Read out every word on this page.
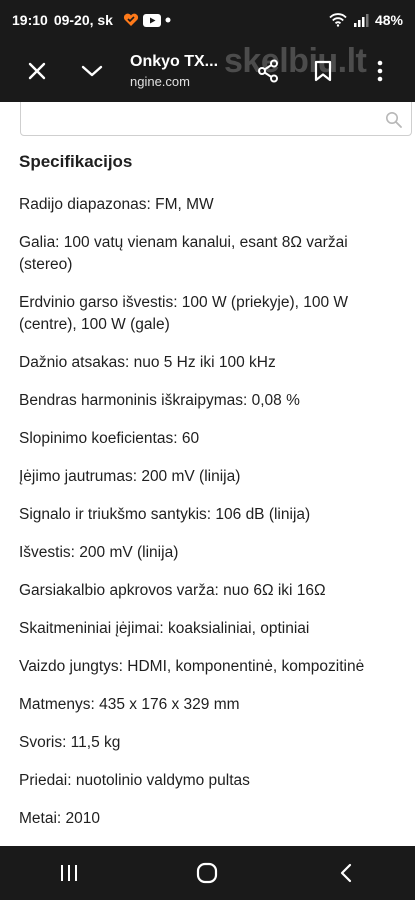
19:10 09-20, sk	48%
Onkyo TX...
ngine.com
skelbiu.lt
Specifikacijos
Radijo diapazonas: FM, MW
Galia: 100 vatų vienam kanalui, esant 8Ω varžai (stereo)
Erdvinio garso išvestis: 100 W (priekyje), 100 W (centre), 100 W (gale)
Dažnio atsakas: nuo 5 Hz iki 100 kHz
Bendras harmoninis iškraipymas: 0,08 %
Slopinimo koeficientas: 60
Įėjimo jautrumas: 200 mV (linija)
Signalo ir triukšmo santykis: 106 dB (linija)
Išvestis: 200 mV (linija)
Garsiakalbio apkrovos varža: nuo 6Ω iki 16Ω
Skaitmeniniai įėjimai: koaksialiniai, optiniai
Vaizdo jungtys: HDMI, komponentinė, kompozitinė
Matmenys: 435 x 176 x 329 mm
Svoris: 11,5 kg
Priedai: nuotolinio valdymo pultas
Metai: 2010
